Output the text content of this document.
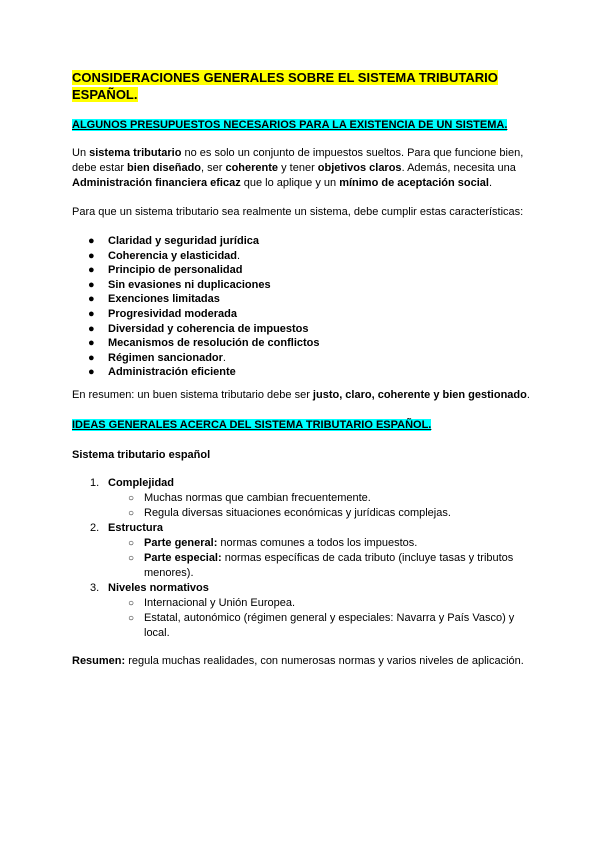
CONSIDERACIONES GENERALES SOBRE EL SISTEMA TRIBUTARIO ESPAÑOL.
ALGUNOS PRESUPUESTOS NECESARIOS PARA LA EXISTENCIA DE UN SISTEMA.

Un sistema tributario no es solo un conjunto de impuestos sueltos. Para que funcione bien, debe estar bien diseñado, ser coherente y tener objetivos claros. Además, necesita una Administración financiera eficaz que lo aplique y un mínimo de aceptación social.

Para que un sistema tributario sea realmente un sistema, debe cumplir estas características:

● Claridad y seguridad jurídica
● Coherencia y elasticidad.
● Principio de personalidad
● Sin evasiones ni duplicaciones
● Exenciones limitadas
● Progresividad moderada
● Diversidad y coherencia de impuestos
● Mecanismos de resolución de conflictos
● Régimen sancionador.
● Administración eficiente

En resumen: un buen sistema tributario debe ser justo, claro, coherente y bien gestionado.

IDEAS GENERALES ACERCA DEL SISTEMA TRIBUTARIO ESPAÑOL.

Sistema tributario español

1. Complejidad
○ Muchas normas que cambian frecuentemente.
○ Regula diversas situaciones económicas y jurídicas complejas.
2. Estructura
○ Parte general: normas comunes a todos los impuestos.
○ Parte especial: normas específicas de cada tributo (incluye tasas y tributos menores).
3. Niveles normativos
○ Internacional y Unión Europea.
○ Estatal, autonómico (régimen general y especiales: Navarra y País Vasco) y local.

Resumen: regula muchas realidades, con numerosas normas y varios niveles de aplicación.
